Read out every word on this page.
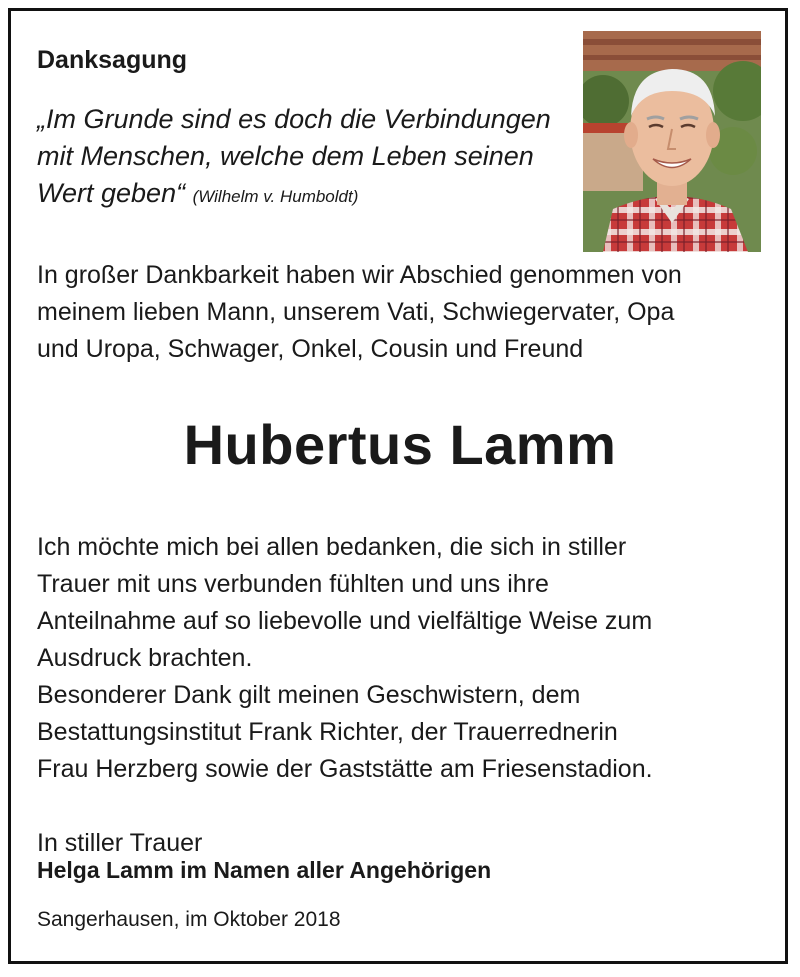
Danksagung

„Im Grunde sind es doch die Verbindungen
mit Menschen, welche dem Leben seinen
Wert geben“ (Wilhelm v. Humboldt)

In großer Dankbarkeit haben wir Abschied genommen von
meinem lieben Mann, unserem Vati, Schwiegervater, Opa
und Uropa, Schwager, Onkel, Cousin und Freund

Hubertus Lamm

Ich möchte mich bei allen bedanken, die sich in stiller
Trauer mit uns verbunden fühlten und uns ihre
Anteilnahme auf so liebevolle und vielfältige Weise zum
Ausdruck brachten.
Besonderer Dank gilt meinen Geschwistern, dem
Bestattungsinstitut Frank Richter, der Trauerrednerin
Frau Herzberg sowie der Gaststätte am Friesenstadion.

In stiller Trauer

Helga Lamm im Namen aller Angehörigen

Sangerhausen, im Oktober 2018
